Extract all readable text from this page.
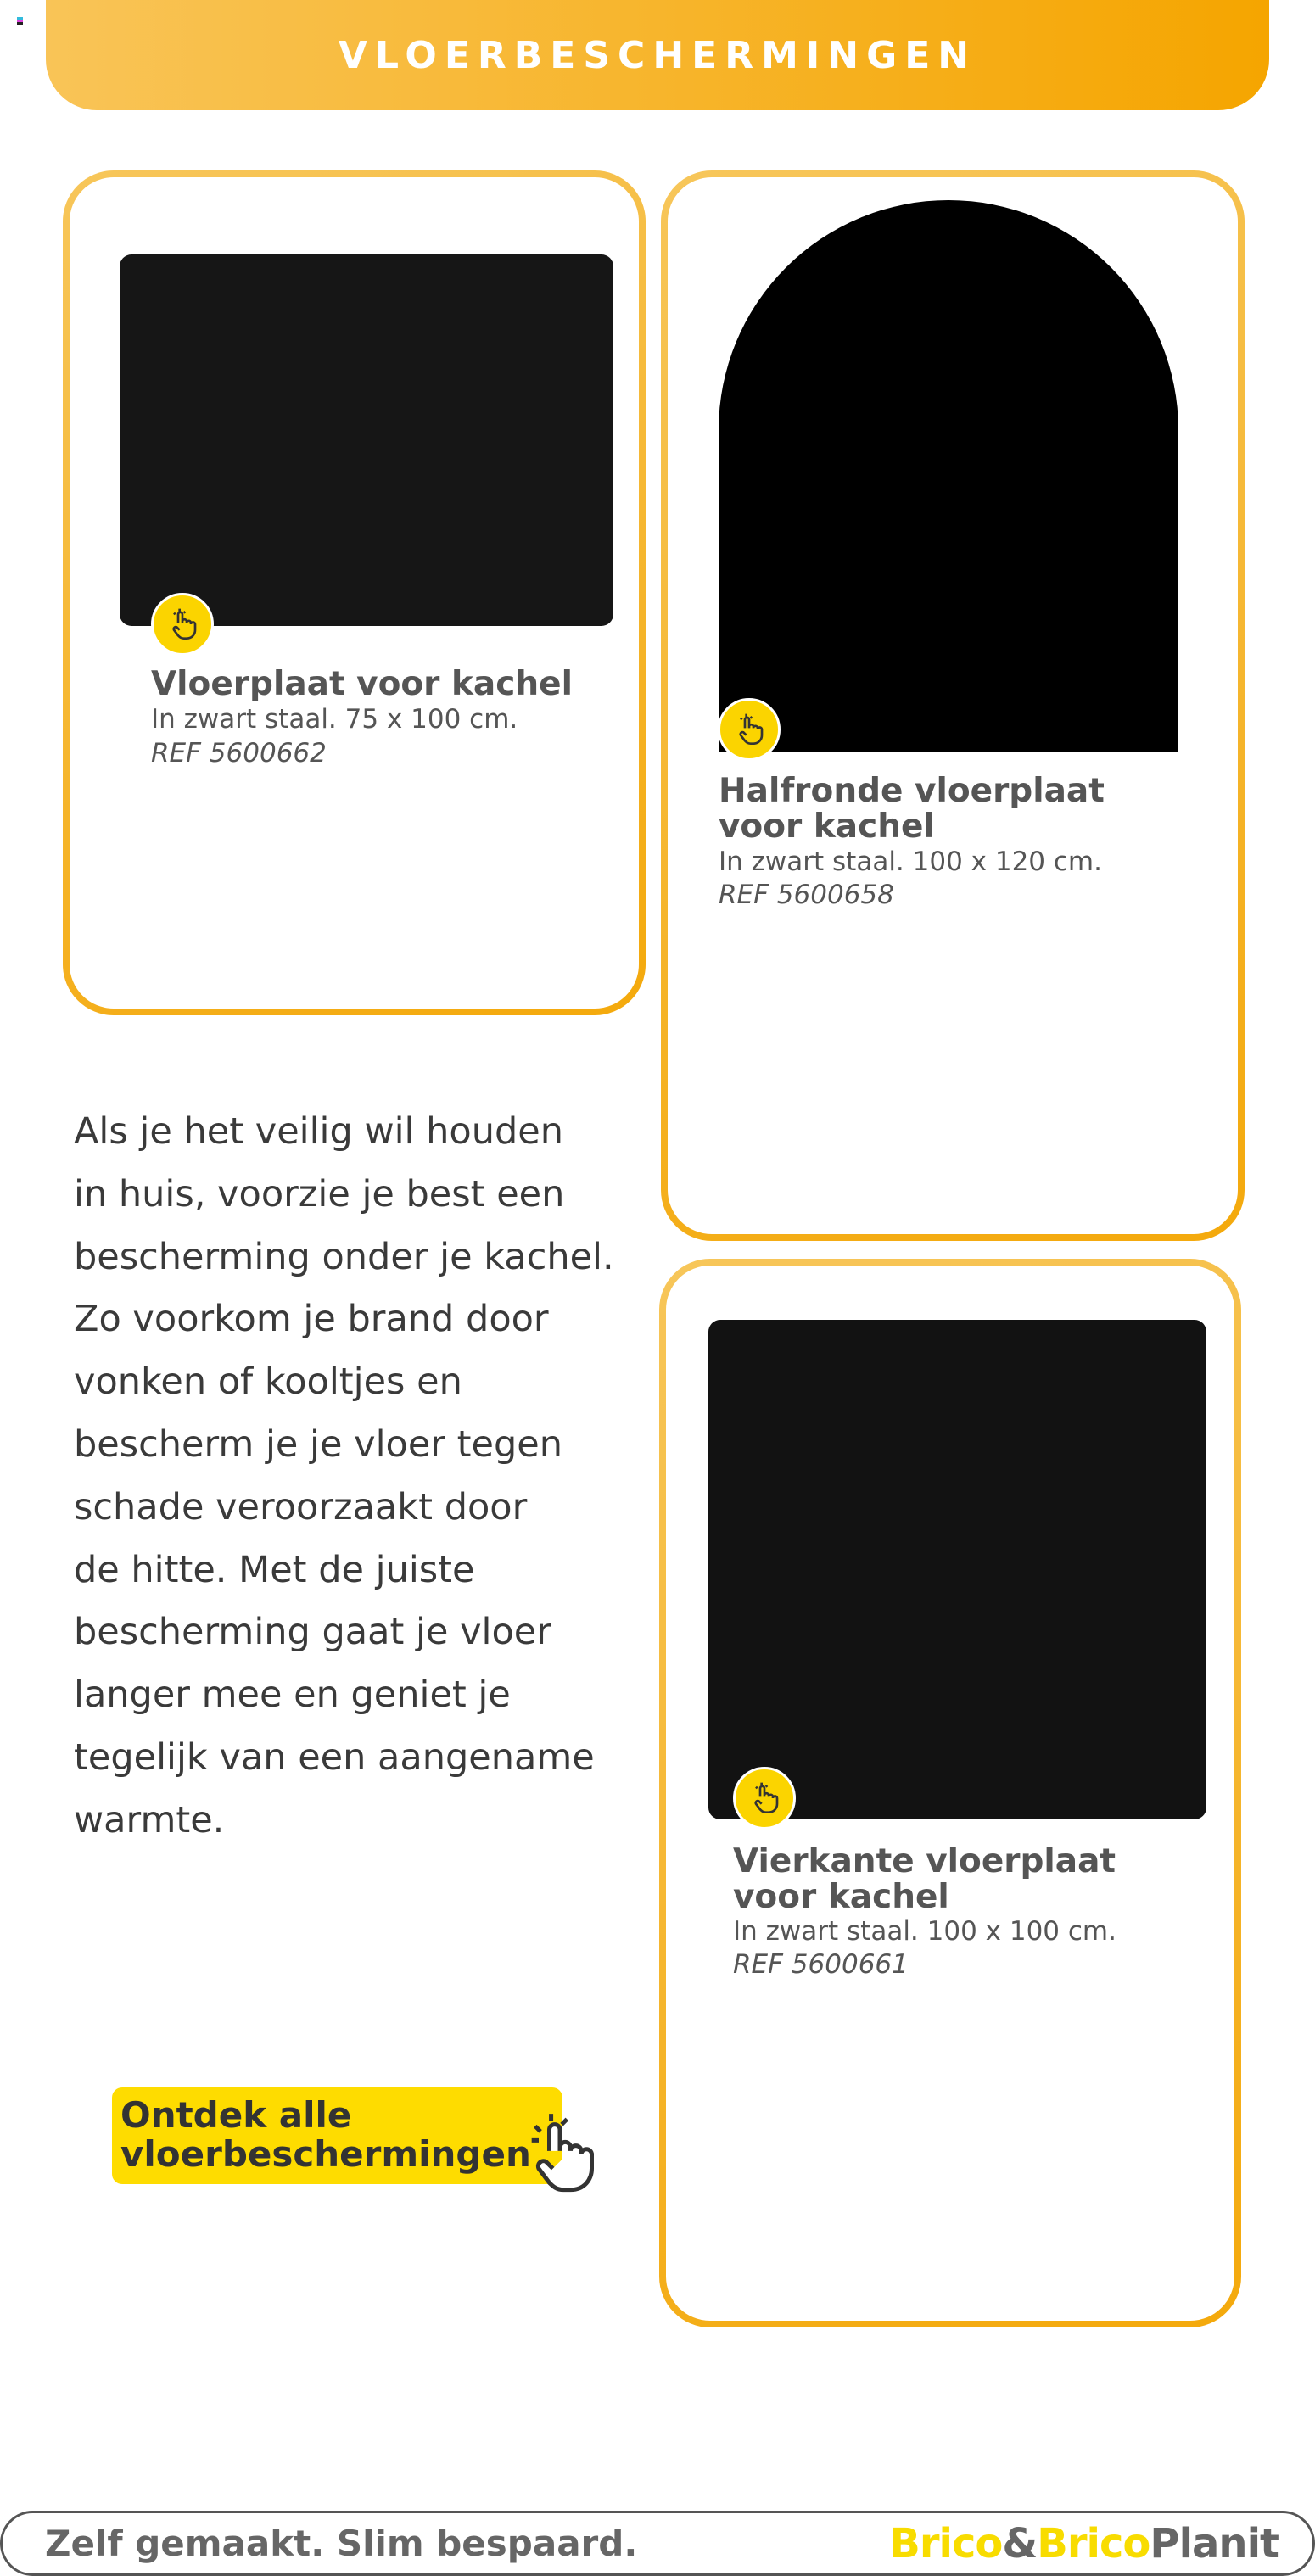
VLOERBESCHERMINGEN
Vloerplaat voor kachel
In zwart staal. 75 x 100 cm.
REF 5600662
Halfronde vloerplaat
voor kachel
In zwart staal. 100 x 120 cm.
REF 5600658
Vierkante vloerplaat
voor kachel
In zwart staal. 100 x 100 cm.
REF 5600661
Als je het veilig wil houden
in huis, voorzie je best een
bescherming onder je kachel.
Zo voorkom je brand door
vonken of kooltjes en
bescherm je je vloer tegen
schade veroorzaakt door
de hitte. Met de juiste
bescherming gaat je vloer
langer mee en geniet je
tegelijk van een aangename
warmte.
Ontdek alle
vloerbeschermingen
Zelf gemaakt. Slim bespaard.	Brico&BricoPlanit
